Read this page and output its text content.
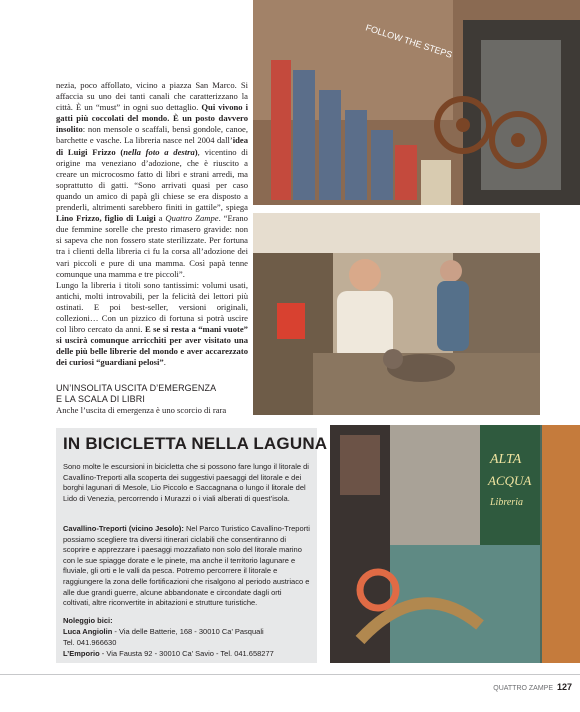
nezia, poco affollato, vicino a piazza San Marco. Si affaccia su uno dei tanti canali che caratterizzano la città. È un “must” in ogni suo dettaglio. Qui vivono i gatti più coccolati del mondo. È un posto davvero insolito: non mensole o scaffali, bensì gondole, canoe, barchette e vasche. La libreria nasce nel 2004 dall’idea di Luigi Frizzo (nella foto a destra), vicentino di origine ma veneziano d’adozione, che è riuscito a creare un microcosmo fatto di libri e strani arredi, ma soprattutto di gatti. “Sono arrivati quasi per caso quando un amico di papà gli chiese se era disposto a prenderli, altrimenti sarebbero finiti in gattile”, spiega Lino Frizzo, figlio di Luigi a Quattro Zampe. “Erano due femmine sorelle che presto rimasero gravide: non si sapeva che non fossero state sterilizzate. Per fortuna tra i clienti della libreria ci fu la corsa all’adozione dei vari piccoli e pure di una mamma. Così papà tenne comunque una mamma e tre piccoli”.

Lungo la libreria i titoli sono tantissimi: volumi usati, antichi, molti introvabili, per la felicità dei lettori più ostinati. E poi best-seller, versioni originali, collezioni… Con un pizzico di fortuna si potrà uscire col libro cercato da anni. E se si resta a “mani vuote” si uscirà comunque arricchiti per aver visitato una delle più belle librerie del mondo e aver accarezzato dei curiosi “guardiani pelosi”.

UN’INSOLITA USCITA D’EMERGENZA
E LA SCALA DI LIBRI
Anche l’uscita di emergenza è uno scorcio di rara
FOLLOW THE STEPS
ALTA
ACQUA
Libreria
IN BICICLETTA NELLA LAGUNA
Sono molte le escursioni in bicicletta che si possono fare lungo il litorale di Cavallino-Treporti alla scoperta dei suggestivi paesaggi del litorale e dei borghi lagunari di Mesole, Lio Piccolo e Saccagnana o lungo il litorale del Lido di Venezia, percorrendo i Murazzi o i viali alberati di quest’isola.
Cavallino-Treporti (vicino Jesolo): Nel Parco Turistico Cavallino-Treporti possiamo scegliere tra diversi itinerari ciclabili che consentiranno di scoprire e apprezzare i paesaggi mozzafiato non solo del litorale marino con le sue spiagge dorate e le pinete, ma anche il territorio lagunare e fluviale, gli orti e le valli da pesca. Potremo percorrere il litorale e raggiungere la zona delle fortificazioni che risalgono al periodo austriaco e alle due grandi guerre, alcune abbandonate e circondate dagli orti coltivati, altre riconvertite in abitazioni e strutture turistiche.
Noleggio bici:
Luca Angiolin - Via delle Batterie, 168 - 30010 Ca’ Pasquali
Tel. 041.966630
L’Emporio - Via Fausta 92 - 30010 Ca’ Savio - Tel. 041.658277
QUATTRO ZAMPE 127
